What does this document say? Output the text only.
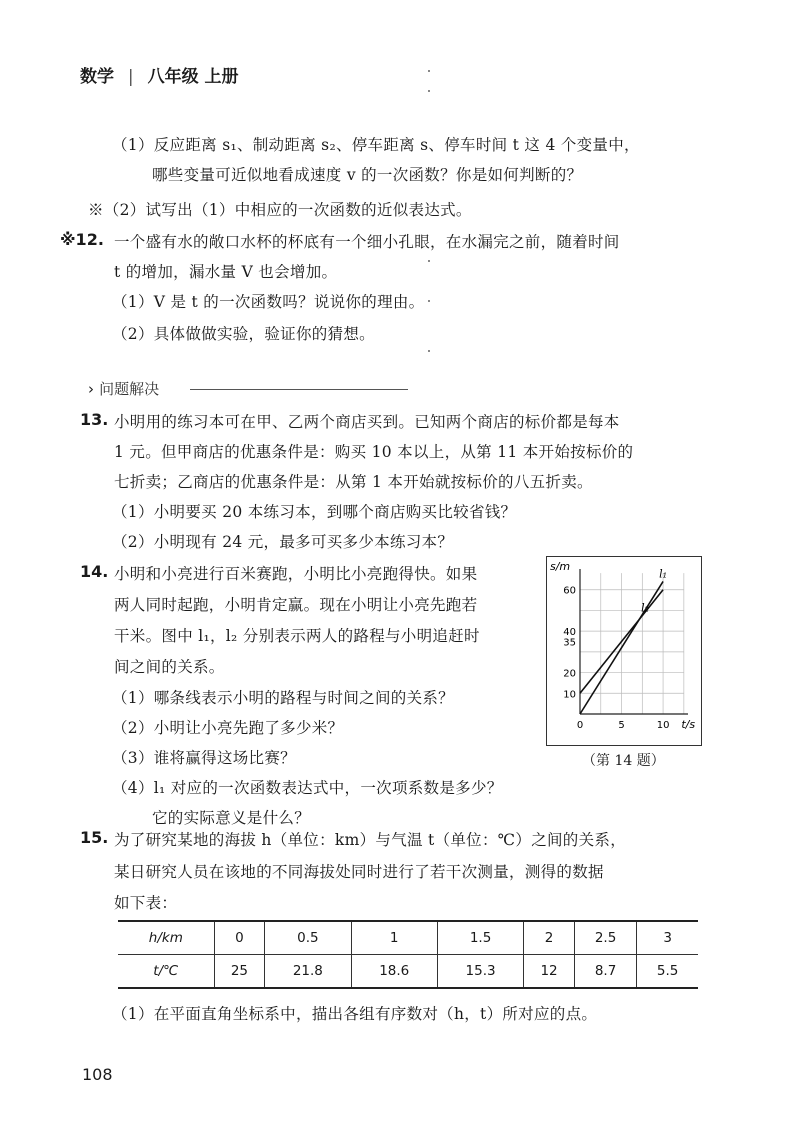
数学 | 八年级 上册
（1）反应距离 s₁、制动距离 s₂、停车距离 s、停车时间 t 这 4 个变量中，
哪些变量可近似地看成速度 v 的一次函数？你是如何判断的？
※（2）试写出（1）中相应的一次函数的近似表达式。
※12. 一个盛有水的敞口水杯的杯底有一个细小孔眼，在水漏完之前，随着时间
t 的增加，漏水量 V 也会增加。
（1）V 是 t 的一次函数吗？说说你的理由。
（2）具体做做实验，验证你的猜想。
› 问题解决
13. 小明用的练习本可在甲、乙两个商店买到。已知两个商店的标价都是每本
1 元。但甲商店的优惠条件是：购买 10 本以上，从第 11 本开始按标价的
七折卖；乙商店的优惠条件是：从第 1 本开始就按标价的八五折卖。
（1）小明要买 20 本练习本，到哪个商店购买比较省钱？
（2）小明现有 24 元，最多可买多少本练习本？
14. 小明和小亮进行百米赛跑，小明比小亮跑得快。如果
两人同时起跑，小明肯定赢。现在小明让小亮先跑若
干米。图中 l₁，l₂ 分别表示两人的路程与小明追赶时
间之间的关系。
（1）哪条线表示小明的路程与时间之间的关系？
（2）小明让小亮先跑了多少米？
（3）谁将赢得这场比赛？
（4）l₁ 对应的一次函数表达式中，一次项系数是多少？
它的实际意义是什么？
s/m
t/s
10
20
35
40
60
0	5	10
l₁
l₂
（第 14 题）
15. 为了研究某地的海拔 h（单位：km）与气温 t（单位：℃）之间的关系，
某日研究人员在该地的不同海拔处同时进行了若干次测量，测得的数据
如下表：
h/km	0	0.5	1	1.5	2	2.5	3
t/℃	25	21.8	18.6	15.3	12	8.7	5.5
（1）在平面直角坐标系中，描出各组有序数对（h，t）所对应的点。
108
